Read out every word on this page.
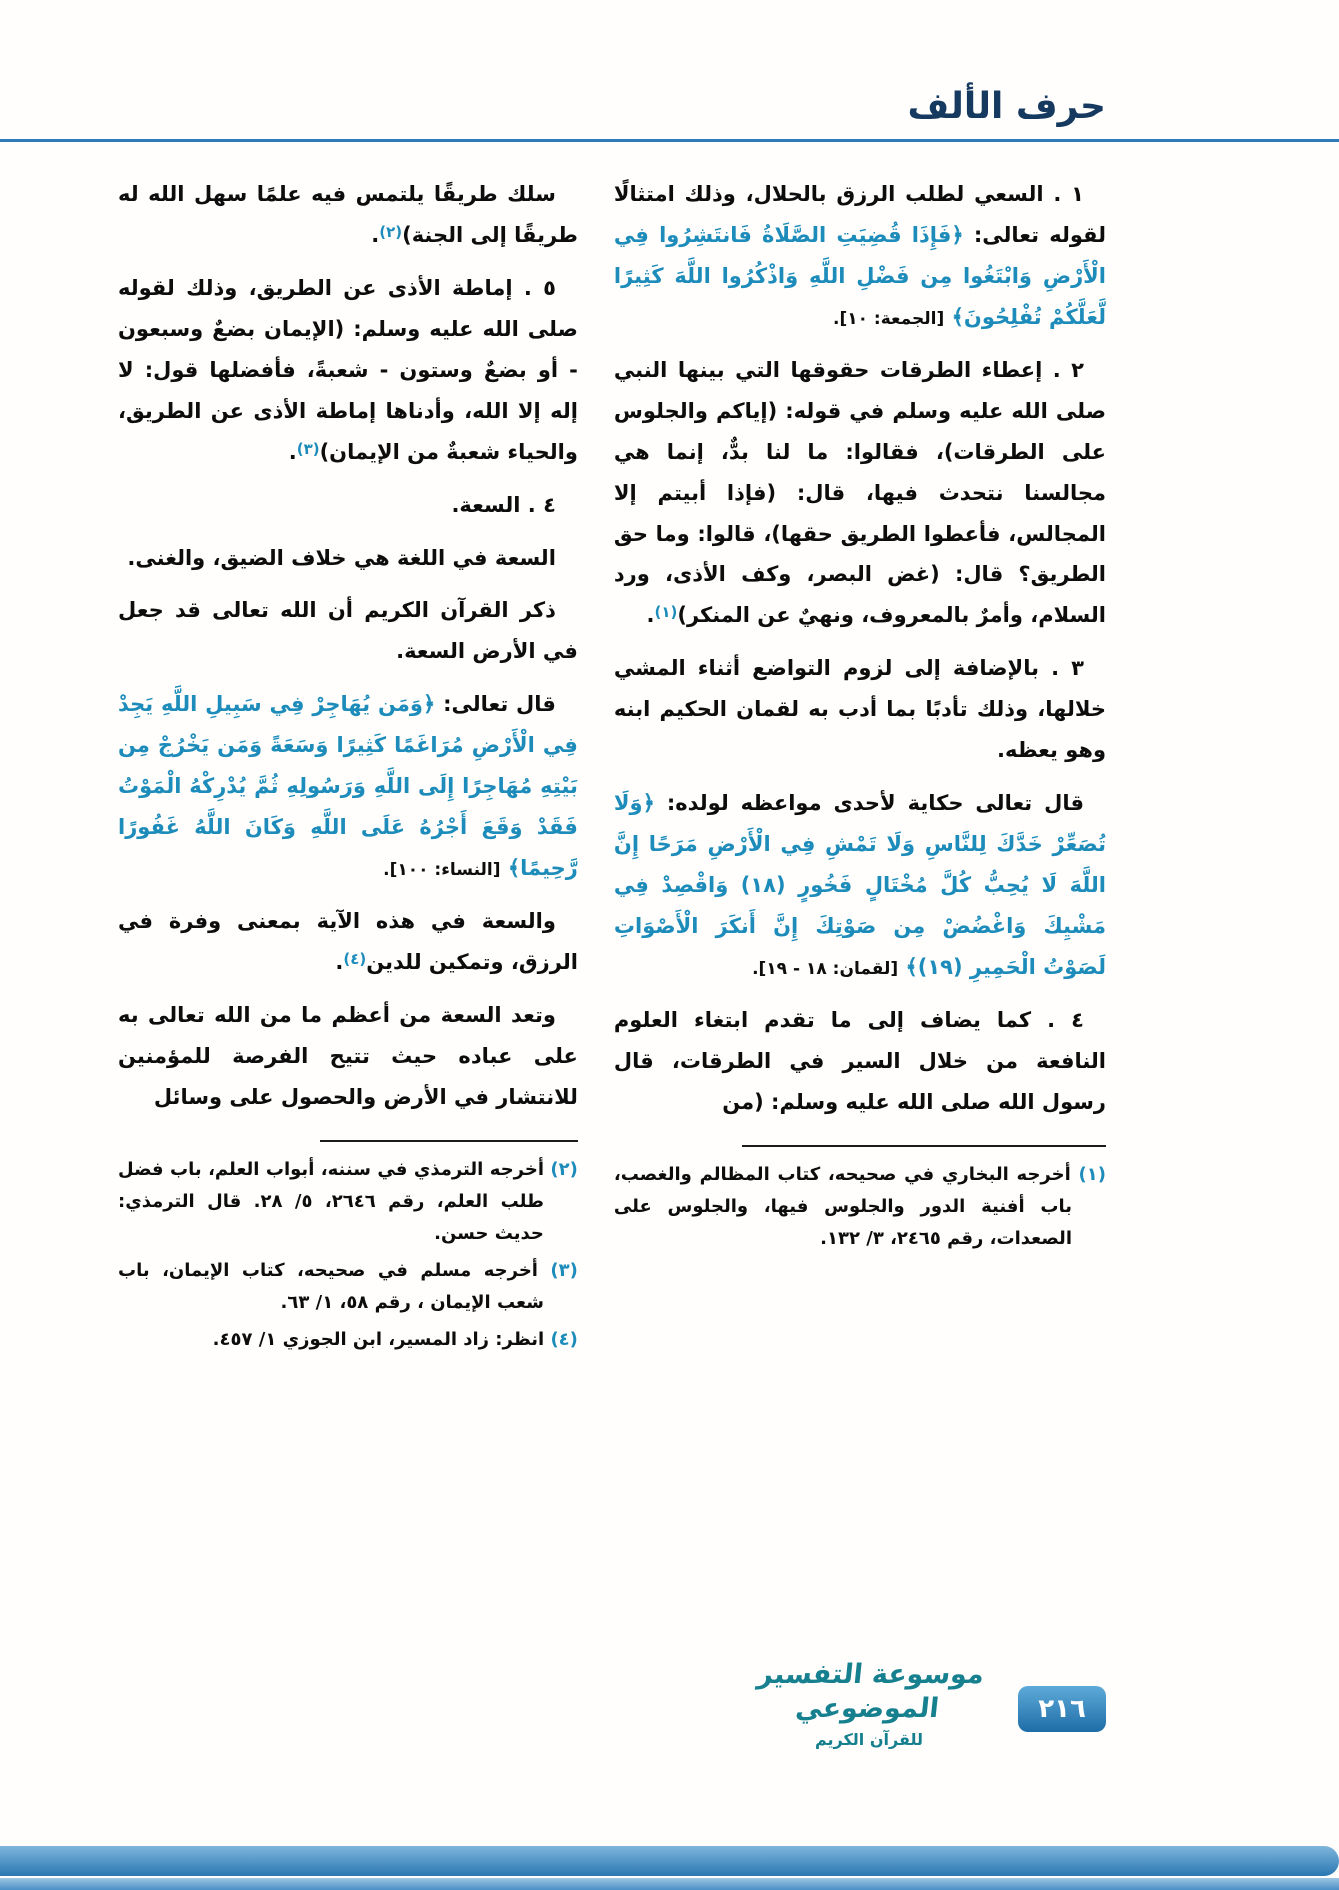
حرف الألف

١ . السعي لطلب الرزق بالحلال، وذلك امتثالًا لقوله تعالى: ﴿فَإِذَا قُضِيَتِ الصَّلَاةُ فَانتَشِرُوا فِي الْأَرْضِ وَابْتَغُوا مِن فَضْلِ اللَّهِ وَاذْكُرُوا اللَّهَ كَثِيرًا لَّعَلَّكُمْ تُفْلِحُونَ﴾ [الجمعة: ١٠].

٢ . إعطاء الطرقات حقوقها التي بينها النبي صلى الله عليه وسلم في قوله: (إياكم والجلوس على الطرقات)، فقالوا: ما لنا بدٌّ، إنما هي مجالسنا نتحدث فيها، قال: (فإذا أبيتم إلا المجالس، فأعطوا الطريق حقها)، قالوا: وما حق الطريق؟ قال: (غض البصر، وكف الأذى، ورد السلام، وأمرٌ بالمعروف، ونهيٌ عن المنكر)$^{(١)}$.

٣ . بالإضافة إلى لزوم التواضع أثناء المشي خلالها، وذلك تأدبًا بما أدب به لقمان الحكيم ابنه وهو يعظه.

قال تعالى حكاية لأحدى مواعظه لولده: ﴿وَلَا تُصَعِّرْ خَدَّكَ لِلنَّاسِ وَلَا تَمْشِ فِي الْأَرْضِ مَرَحًا إِنَّ اللَّهَ لَا يُحِبُّ كُلَّ مُخْتَالٍ فَخُورٍ (١٨) وَاقْصِدْ فِي مَشْيِكَ وَاغْضُضْ مِن صَوْتِكَ إِنَّ أَنكَرَ الْأَصْوَاتِ لَصَوْتُ الْحَمِيرِ (١٩)﴾ [لقمان: ١٨ - ١٩].

٤ . كما يضاف إلى ما تقدم ابتغاء العلوم النافعة من خلال السير في الطرقات، قال رسول الله صلى الله عليه وسلم: (من

(١) أخرجه البخاري في صحيحه، كتاب المظالم والغصب، باب أفنية الدور والجلوس فيها، والجلوس على الصعدات، رقم ٢٤٦٥، ٣/ ١٣٢.

سلك طريقًا يلتمس فيه علمًا سهل الله له طريقًا إلى الجنة)$^{(٢)}$.

٥ . إماطة الأذى عن الطريق، وذلك لقوله صلى الله عليه وسلم: (الإيمان بضعٌ وسبعون - أو بضعٌ وستون - شعبةً، فأفضلها قول: لا إله إلا الله، وأدناها إماطة الأذى عن الطريق، والحياء شعبةٌ من الإيمان)$^{(٣)}$.

٤ . السعة.

السعة في اللغة هي خلاف الضيق، والغنى.

ذكر القرآن الكريم أن الله تعالى قد جعل في الأرض السعة.

قال تعالى: ﴿وَمَن يُهَاجِرْ فِي سَبِيلِ اللَّهِ يَجِدْ فِي الْأَرْضِ مُرَاغَمًا كَثِيرًا وَسَعَةً وَمَن يَخْرُجْ مِن بَيْتِهِ مُهَاجِرًا إِلَى اللَّهِ وَرَسُولِهِ ثُمَّ يُدْرِكْهُ الْمَوْتُ فَقَدْ وَقَعَ أَجْرُهُ عَلَى اللَّهِ وَكَانَ اللَّهُ غَفُورًا رَّحِيمًا﴾ [النساء: ١٠٠].

والسعة في هذه الآية بمعنى وفرة في الرزق، وتمكين للدين$^{(٤)}$.

وتعد السعة من أعظم ما من الله تعالى به على عباده حيث تتيح الفرصة للمؤمنين للانتشار في الأرض والحصول على وسائل

(٢) أخرجه الترمذي في سننه، أبواب العلم، باب فضل طلب العلم، رقم ٢٦٤٦، ٥/ ٢٨. قال الترمذي: حديث حسن.

(٣) أخرجه مسلم في صحيحه، كتاب الإيمان، باب شعب الإيمان ، رقم ٥٨، ١/ ٦٣.

(٤) انظر: زاد المسير، ابن الجوزي ١/ ٤٥٧.

موسوعة التفسير الموضوعي
للقرآن الكريم
٢١٦
